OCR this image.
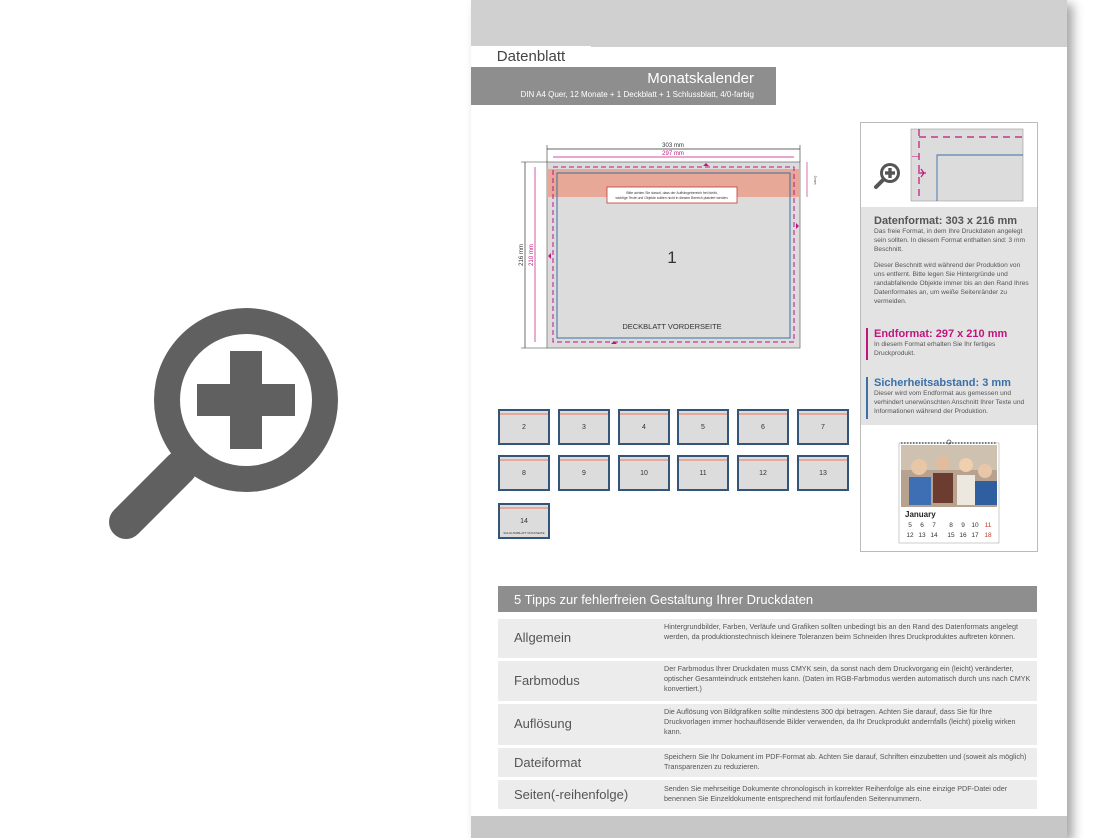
Datenblatt
Monatskalender
DIN A4 Quer, 12 Monate + 1 Deckblatt + 1 Schlussblatt, 4/0-farbig
Bitte achten Sie darauf, dass der Aufhängebereich frei bleibt,
wichtige Texte und Objekte sollten nicht in diesem Bereich platziert werden.
1
DECKBLATT VORDERSEITE
303 mm
297 mm
216 mm 210 mm
3 mm
2	3	4	5	6	7
8	9	10	11	12	13
14
SCHLUSSBLATT RÜCKSEITE
Datenformat: 303 x 216 mm

Das freie Format, in dem Ihre Druckdaten angelegt sein sollten. In diesem Format enthalten sind: 3 mm Beschnitt.

Dieser Beschnitt wird während der Produktion von uns entfernt. Bitte legen Sie Hintergründe und randabfallende Objekte immer bis an den Rand Ihres Datenformates an, um weiße Seitenränder zu vermeiden.

Endformat: 297 x 210 mm

In diesem Format erhalten Sie Ihr fertiges Druckprodukt.

Sicherheitsabstand: 3 mm

Dieser wird vom Endformat aus gemessen und verhindert unerwünschten Anschnitt Ihrer Texte und Informationen während der Produktion.

January
5 6 7 8 9 10 11
12 13 14 15 16 17 18
5 Tipps zur fehlerfreien Gestaltung Ihrer Druckdaten
Allgemein
Hintergrundbilder, Farben, Verläufe und Grafiken sollten unbedingt bis an den Rand des Datenformats angelegt werden, da produktionstechnisch kleinere Toleranzen beim Schneiden Ihres Druckproduktes auftreten können.
Farbmodus
Der Farbmodus Ihrer Druckdaten muss CMYK sein, da sonst nach dem Druckvorgang ein (leicht) veränderter, optischer Gesamteindruck entstehen kann. (Daten im RGB-Farbmodus werden automatisch durch uns nach CMYK konvertiert.)
Auflösung
Die Auflösung von Bildgrafiken sollte mindestens 300 dpi betragen. Achten Sie darauf, dass Sie für Ihre Druckvorlagen immer hochauflösende Bilder verwenden, da Ihr Druckprodukt andernfalls (leicht) pixelig wirken kann.
Dateiformat	Speichern Sie Ihr Dokument im PDF-Format ab. Achten Sie darauf, Schriften einzubetten und (soweit als möglich) Transparenzen zu reduzieren.
Seiten(-reihenfolge)	Senden Sie mehrseitige Dokumente chronologisch in korrekter Reihenfolge als eine einzige PDF-Datei oder benennen Sie Einzeldokumente entsprechend mit fortlaufenden Seitennummern.
